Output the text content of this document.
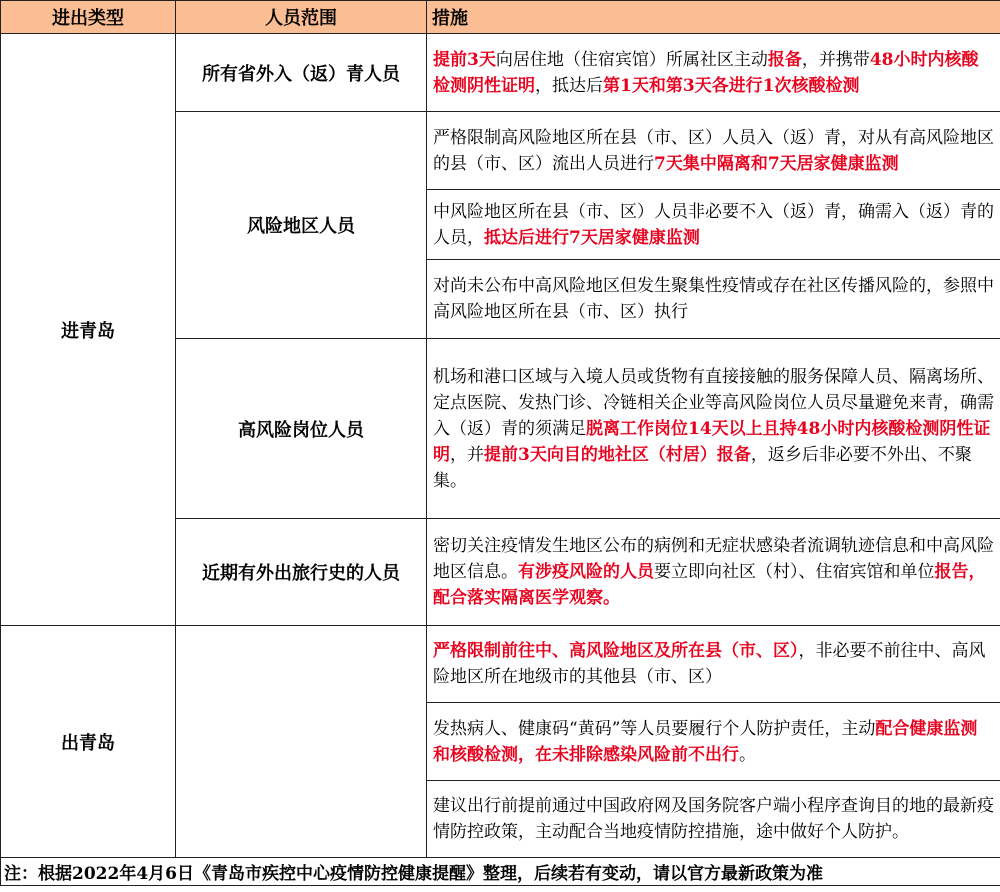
进出类型	人员范围	措施
进青岛	所有省外入（返）青人员	提前3天向居住地（住宿宾馆）所属社区主动报备，并携带48小时内核酸检测阴性证明，抵达后第1天和第3天各进行1次核酸检测
	风险地区人员	严格限制高风险地区所在县（市、区）人员入（返）青，对从有高风险地区的县（市、区）流出人员进行7天集中隔离和7天居家健康监测
		中风险地区所在县（市、区）人员非必要不入（返）青，确需入（返）青的人员，抵达后进行7天居家健康监测
		对尚未公布中高风险地区但发生聚集性疫情或存在社区传播风险的，参照中高风险地区所在县（市、区）执行
	高风险岗位人员	机场和港口区域与入境人员或货物有直接接触的服务保障人员、隔离场所、定点医院、发热门诊、冷链相关企业等高风险岗位人员尽量避免来青，确需入（返）青的须满足脱离工作岗位14天以上且持48小时内核酸检测阴性证明，并提前3天向目的地社区（村居）报备，返乡后非必要不外出、不聚集。
	近期有外出旅行史的人员	密切关注疫情发生地区公布的病例和无症状感染者流调轨迹信息和中高风险地区信息。有涉疫风险的人员要立即向社区（村）、住宿宾馆和单位报告，配合落实隔离医学观察。
出青岛		严格限制前往中、高风险地区及所在县（市、区），非必要不前往中、高风险地区所在地级市的其他县（市、区）
		发热病人、健康码“黄码”等人员要履行个人防护责任，主动配合健康监测和核酸检测，在未排除感染风险前不出行。
		建议出行前提前通过中国政府网及国务院客户端小程序查询目的地的最新疫情防控政策，主动配合当地疫情防控措施，途中做好个人防护。
注：根据2022年4月6日《青岛市疾控中心疫情防控健康提醒》整理，后续若有变动，请以官方最新政策为准		
